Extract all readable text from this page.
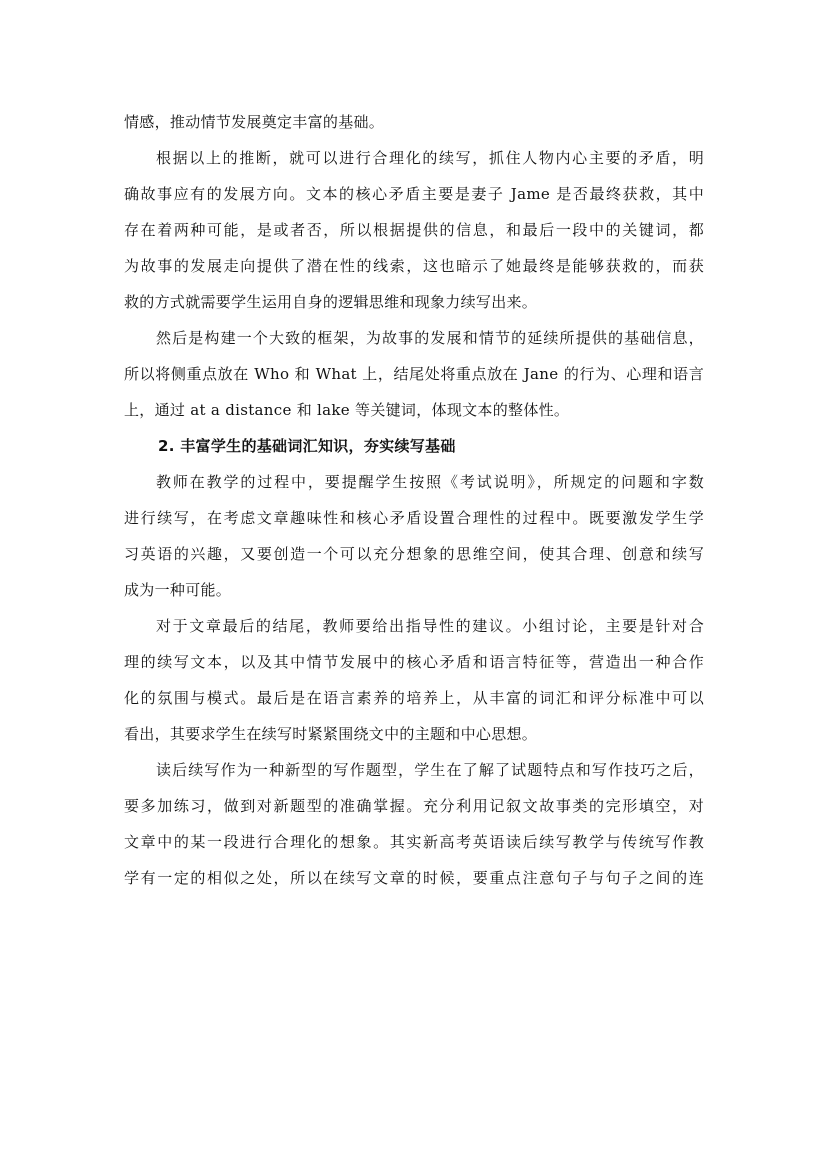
情感，推动情节发展奠定丰富的基础。
根据以上的推断，就可以进行合理化的续写，抓住人物内心主要的矛盾，明
确故事应有的发展方向。文本的核心矛盾主要是妻子 Jame 是否最终获救，其中
存在着两种可能，是或者否，所以根据提供的信息，和最后一段中的关键词，都
为故事的发展走向提供了潜在性的线索，这也暗示了她最终是能够获救的，而获
救的方式就需要学生运用自身的逻辑思维和现象力续写出来。
然后是构建一个大致的框架，为故事的发展和情节的延续所提供的基础信息，
所以将侧重点放在 Who 和 What 上，结尾处将重点放在 Jane 的行为、心理和语言
上，通过 at a distance 和 lake 等关键词，体现文本的整体性。
2. 丰富学生的基础词汇知识，夯实续写基础
教师在教学的过程中，要提醒学生按照《考试说明》，所规定的问题和字数
进行续写，在考虑文章趣味性和核心矛盾设置合理性的过程中。既要激发学生学
习英语的兴趣，又要创造一个可以充分想象的思维空间，使其合理、创意和续写
成为一种可能。
对于文章最后的结尾，教师要给出指导性的建议。小组讨论，主要是针对合
理的续写文本，以及其中情节发展中的核心矛盾和语言特征等，营造出一种合作
化的氛围与模式。最后是在语言素养的培养上，从丰富的词汇和评分标准中可以
看出，其要求学生在续写时紧紧围绕文中的主题和中心思想。
读后续写作为一种新型的写作题型，学生在了解了试题特点和写作技巧之后，
要多加练习，做到对新题型的准确掌握。充分利用记叙文故事类的完形填空，对
文章中的某一段进行合理化的想象。其实新高考英语读后续写教学与传统写作教
学有一定的相似之处，所以在续写文章的时候，要重点注意句子与句子之间的连
